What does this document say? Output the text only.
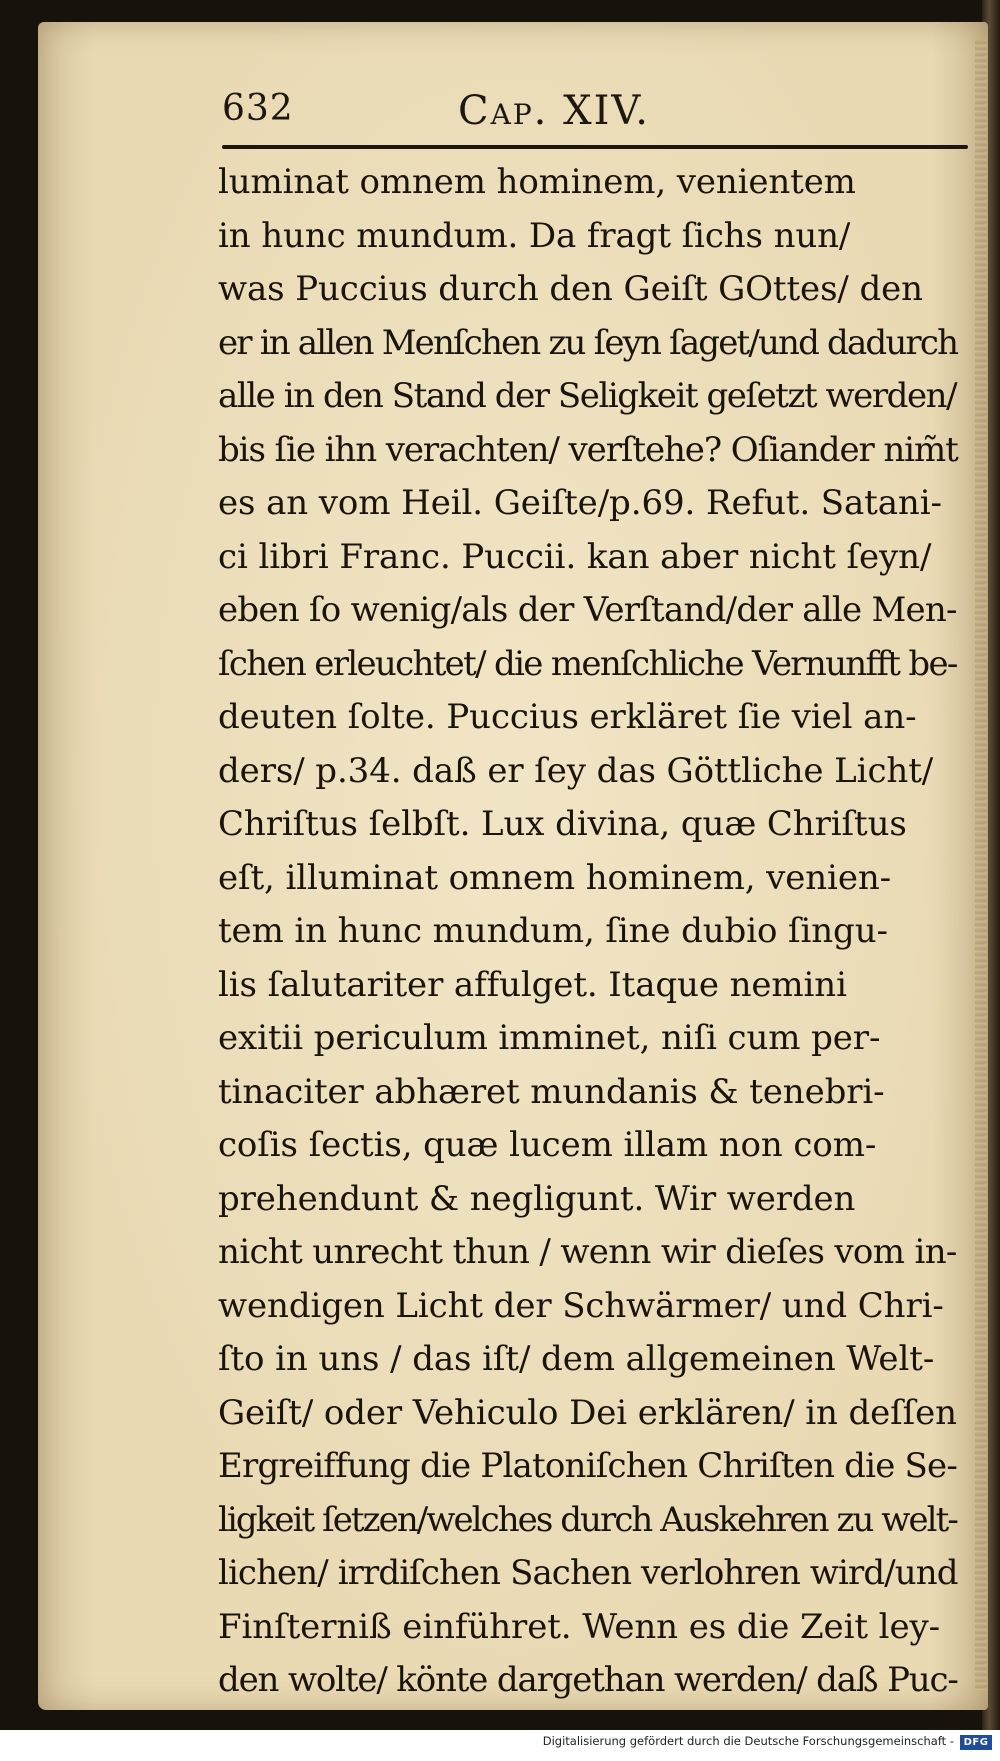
632	Cap. XIV.
luminat omnem hominem, venientem
in hunc mundum. Da fragt ſichs nun/
was Puccius durch den Geiſt GOttes/ den
er in allen Menſchen zu ſeyn ſaget/und dadurch
alle in den Stand der Seligkeit geſetzt werden/
bis ſie ihn verachten/ verſtehe? Oſiander nim̃t
es an vom Heil. Geiſte/p.69. Refut. Satani-
ci libri Franc. Puccii. kan aber nicht ſeyn/
eben ſo wenig/als der Verſtand/der alle Men-
ſchen erleuchtet/ die menſchliche Vernunfft be-
deuten ſolte. Puccius erkläret ſie viel an-
ders/ p.34. daß er ſey das Göttliche Licht/
Chriſtus ſelbſt. Lux divina, quæ Chriſtus
eſt, illuminat omnem hominem, venien-
tem in hunc mundum, ſine dubio ſingu-
lis ſalutariter affulget. Itaque nemini
exitii periculum imminet, niſi cum per-
tinaciter abhæret mundanis & tenebri-
coſis ſectis, quæ lucem illam non com-
prehendunt & negligunt. Wir werden
nicht unrecht thun / wenn wir dieſes vom in-
wendigen Licht der Schwärmer/ und Chri-
ſto in uns / das iſt/ dem allgemeinen Welt-
Geiſt/ oder Vehiculo Dei erklären/ in deſſen
Ergreiffung die Platoniſchen Chriſten die Se-
ligkeit ſetzen/welches durch Auskehren zu welt-
lichen/ irrdiſchen Sachen verlohren wird/und
Finſterniß einführet. Wenn es die Zeit ley-
den wolte/ könte dargethan werden/ daß Puc-
Digitalisierung gefördert durch die Deutsche Forschungsgemeinschaft - DFG
